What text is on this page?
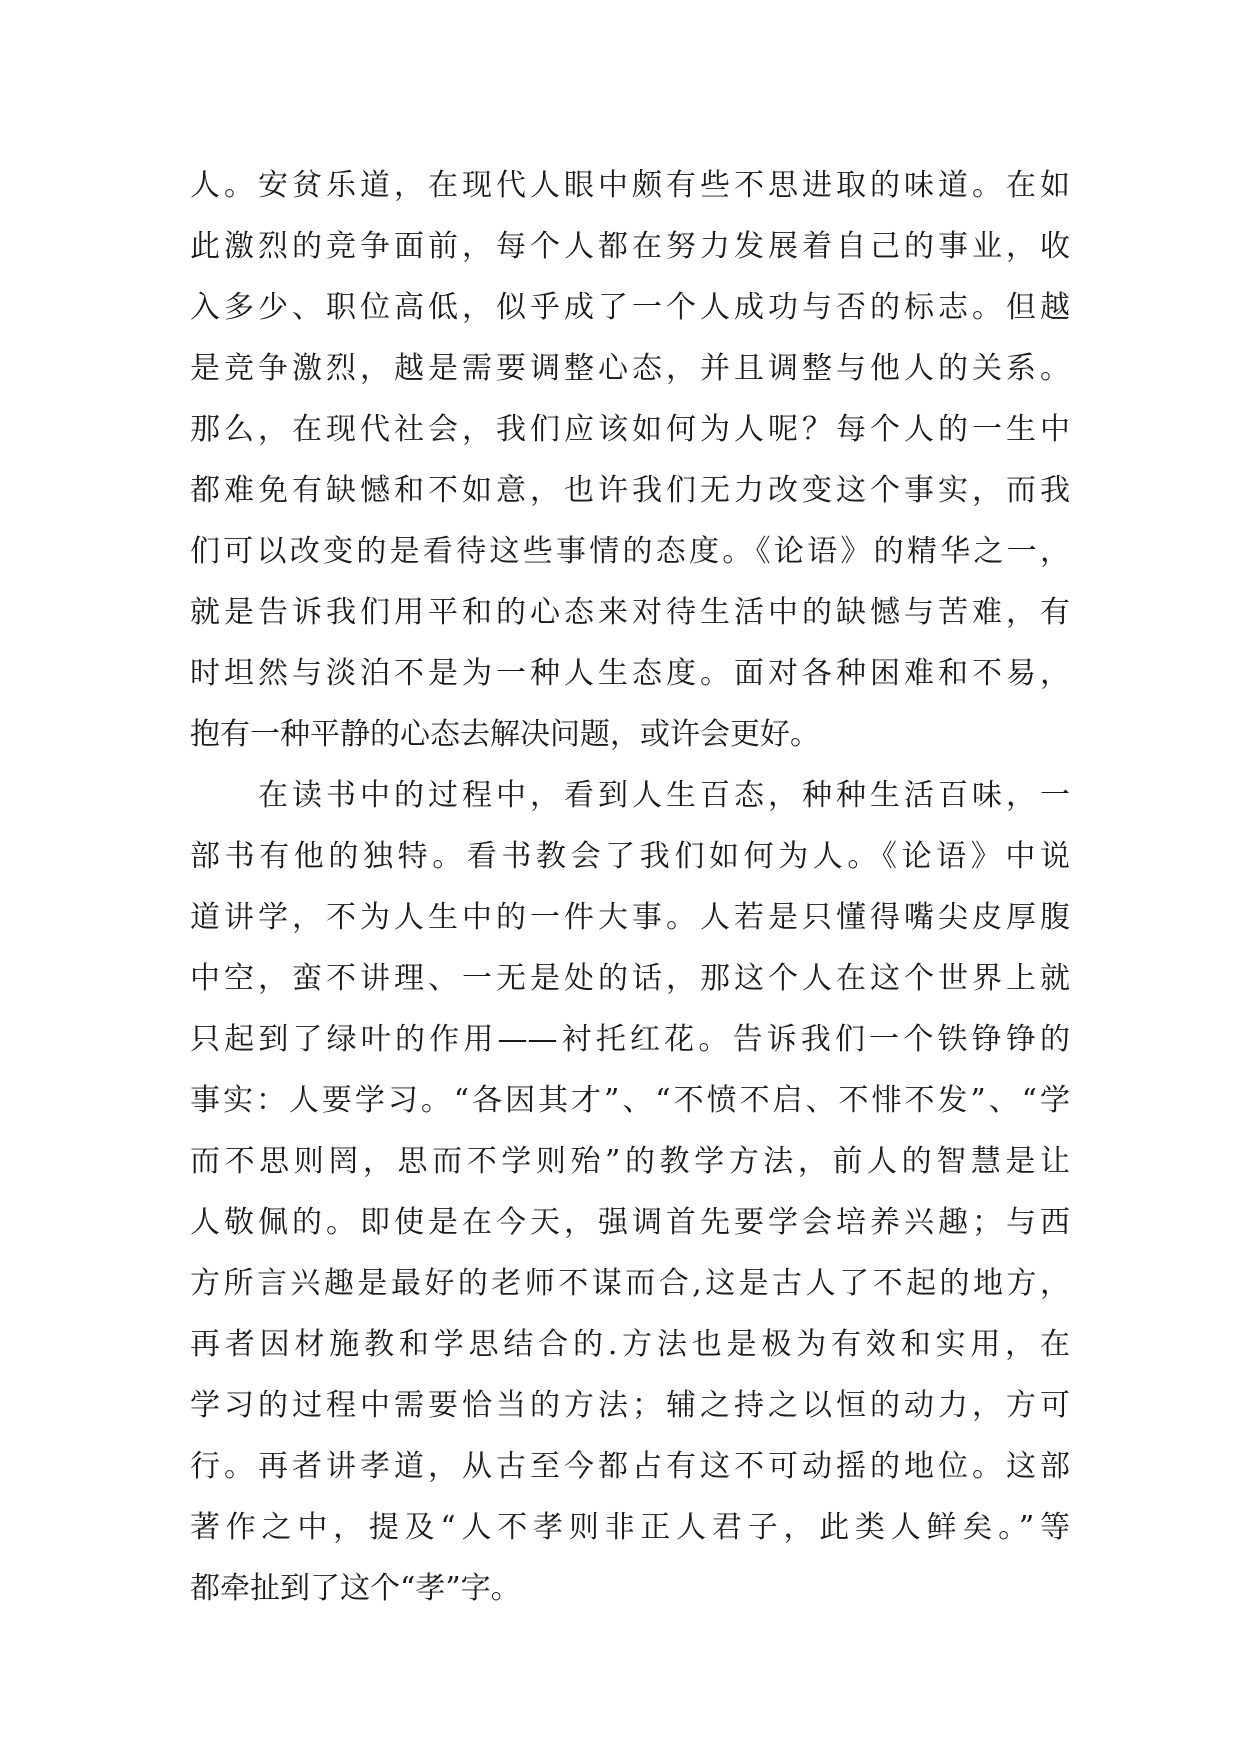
人。安贫乐道，在现代人眼中颇有些不思进取的味道。在如
此激烈的竞争面前，每个人都在努力发展着自己的事业，收
入多少、职位高低，似乎成了一个人成功与否的标志。但越
是竞争激烈，越是需要调整心态，并且调整与他人的关系。
那么，在现代社会，我们应该如何为人呢？每个人的一生中
都难免有缺憾和不如意，也许我们无力改变这个事实，而我
们可以改变的是看待这些事情的态度。《论语》的精华之一，
就是告诉我们用平和的心态来对待生活中的缺憾与苦难，有
时坦然与淡泊不是为一种人生态度。面对各种困难和不易，
抱有一种平静的心态去解决问题，或许会更好。
在读书中的过程中，看到人生百态，种种生活百味，一
部书有他的独特。看书教会了我们如何为人。《论语》中说
道讲学，不为人生中的一件大事。人若是只懂得嘴尖皮厚腹
中空，蛮不讲理、一无是处的话，那这个人在这个世界上就
只起到了绿叶的作用——衬托红花。告诉我们一个铁铮铮的
事实：人要学习。“各因其才”、“不愤不启、不悱不发”、“学
而不思则罔，思而不学则殆”的教学方法，前人的智慧是让
人敬佩的。即使是在今天，强调首先要学会培养兴趣；与西
方所言兴趣是最好的老师不谋而合,这是古人了不起的地方，
再者因材施教和学思结合的.方法也是极为有效和实用，在
学习的过程中需要恰当的方法；辅之持之以恒的动力，方可
行。再者讲孝道，从古至今都占有这不可动摇的地位。这部
著作之中，提及“人不孝则非正人君子，此类人鲜矣。”等
都牵扯到了这个“孝”字。
